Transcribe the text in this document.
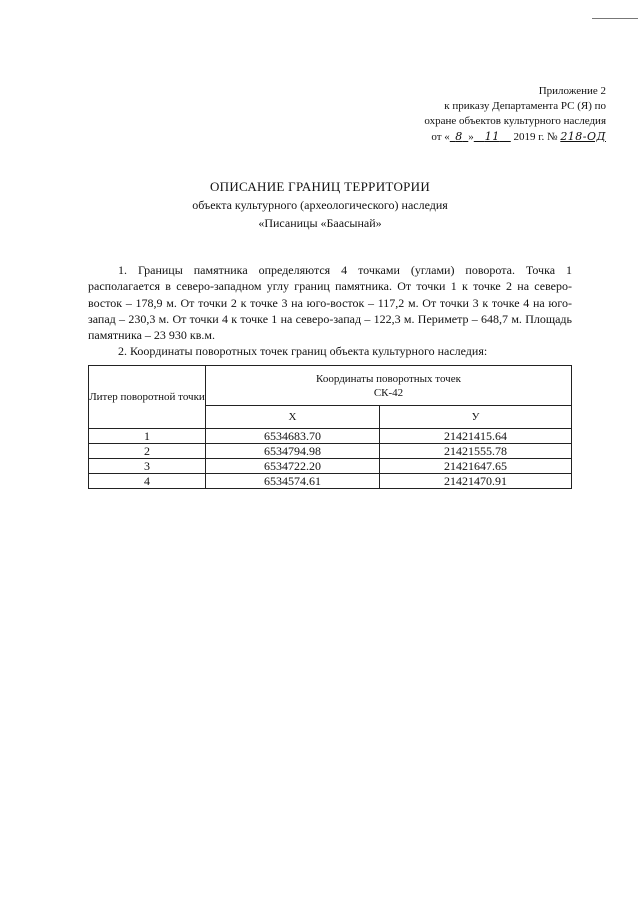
Приложение 2
к приказу Департамента РС (Я) по
охране объектов культурного наследия
от « 8 » 11 2019 г. № 218-ОД

ОПИСАНИЕ ГРАНИЦ ТЕРРИТОРИИ

объекта культурного (археологического) наследия

«Писаницы «Баасынай»

1. Границы памятника определяются 4 точками (углами) поворота. Точка 1 располагается в северо-западном углу границ памятника. От точки 1 к точке 2 на северо- восток – 178,9 м. От точки 2 к точке 3 на юго-восток – 117,2 м. От точки 3 к точке 4 на юго-запад – 230,3 м. От точки 4 к точке 1 на северо-запад – 122,3 м. Периметр – 648,7 м. Площадь памятника – 23 930 кв.м.

2. Координаты поворотных точек границ объекта культурного наследия:

Литер поворотной точки	Координаты поворотных точек
СК-42	
	Х	У
1	6534683.70	21421415.64
2	6534794.98	21421555.78
3	6534722.20	21421647.65
4	6534574.61	21421470.91
